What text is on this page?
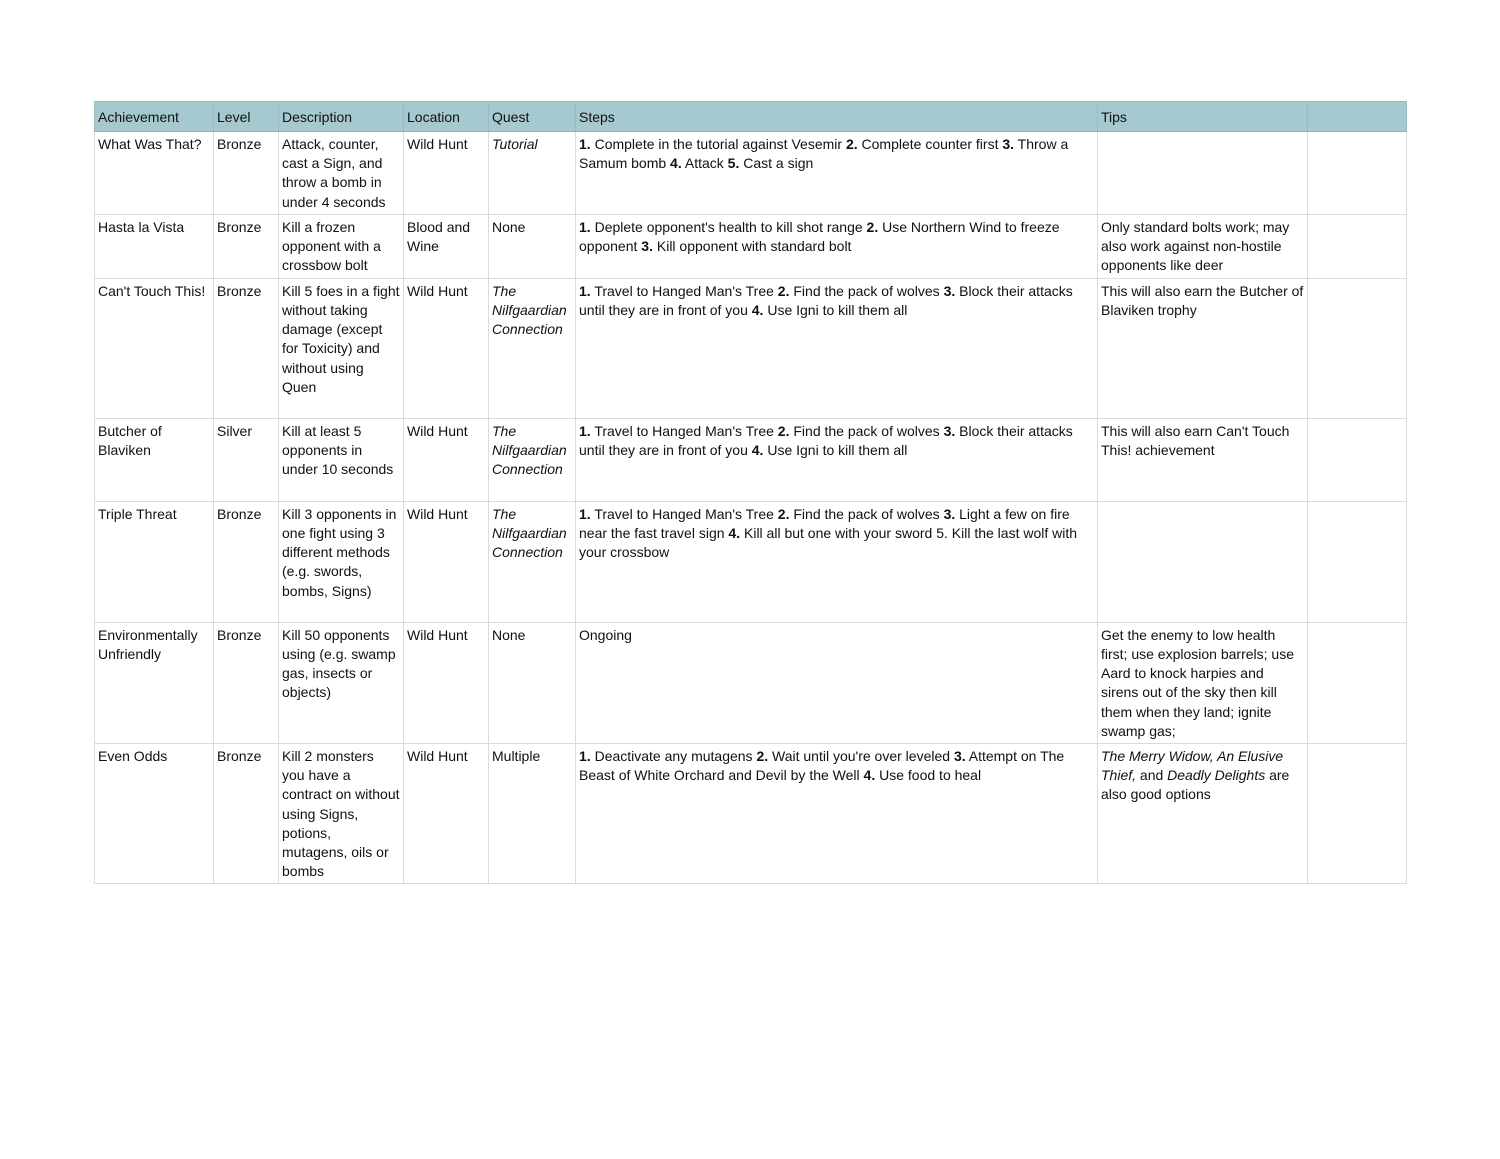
Achievement	Level	Description	Location	Quest	Steps	Tips	
What Was That?	Bronze	Attack, counter, cast a Sign, and throw a bomb in under 4 seconds	Wild Hunt	Tutorial	1. Complete in the tutorial against Vesemir 2. Complete counter first 3. Throw a Samum bomb 4. Attack 5. Cast a sign		
Hasta la Vista	Bronze	Kill a frozen opponent with a crossbow bolt	Blood and Wine	None	1. Deplete opponent's health to kill shot range 2. Use Northern Wind to freeze opponent 3. Kill opponent with standard bolt	Only standard bolts work; may also work against non-hostile opponents like deer	
Can't Touch This!	Bronze	Kill 5 foes in a fight without taking damage (except for Toxicity) and without using Quen	Wild Hunt	The Nilfgaardian Connection	1. Travel to Hanged Man's Tree 2. Find the pack of wolves 3. Block their attacks until they are in front of you 4. Use Igni to kill them all	This will also earn the Butcher of Blaviken trophy	
Butcher of Blaviken	Silver	Kill at least 5 opponents in under 10 seconds	Wild Hunt	The Nilfgaardian Connection	1. Travel to Hanged Man's Tree 2. Find the pack of wolves 3. Block their attacks until they are in front of you 4. Use Igni to kill them all	This will also earn Can't Touch This! achievement	
Triple Threat	Bronze	Kill 3 opponents in one fight using 3 different methods (e.g. swords, bombs, Signs)	Wild Hunt	The Nilfgaardian Connection	1. Travel to Hanged Man's Tree 2. Find the pack of wolves 3. Light a few on fire near the fast travel sign 4. Kill all but one with your sword 5. Kill the last wolf with your crossbow		
Environmentally Unfriendly	Bronze	Kill 50 opponents using (e.g. swamp gas, insects or objects)	Wild Hunt	None	Ongoing	Get the enemy to low health first; use explosion barrels; use Aard to knock harpies and sirens out of the sky then kill them when they land; ignite swamp gas;	
Even Odds	Bronze	Kill 2 monsters you have a contract on without using Signs, potions, mutagens, oils or bombs	Wild Hunt	Multiple	1. Deactivate any mutagens 2. Wait until you're over leveled 3. Attempt on The Beast of White Orchard and Devil by the Well 4. Use food to heal	The Merry Widow, An Elusive Thief, and Deadly Delights are also good options	
